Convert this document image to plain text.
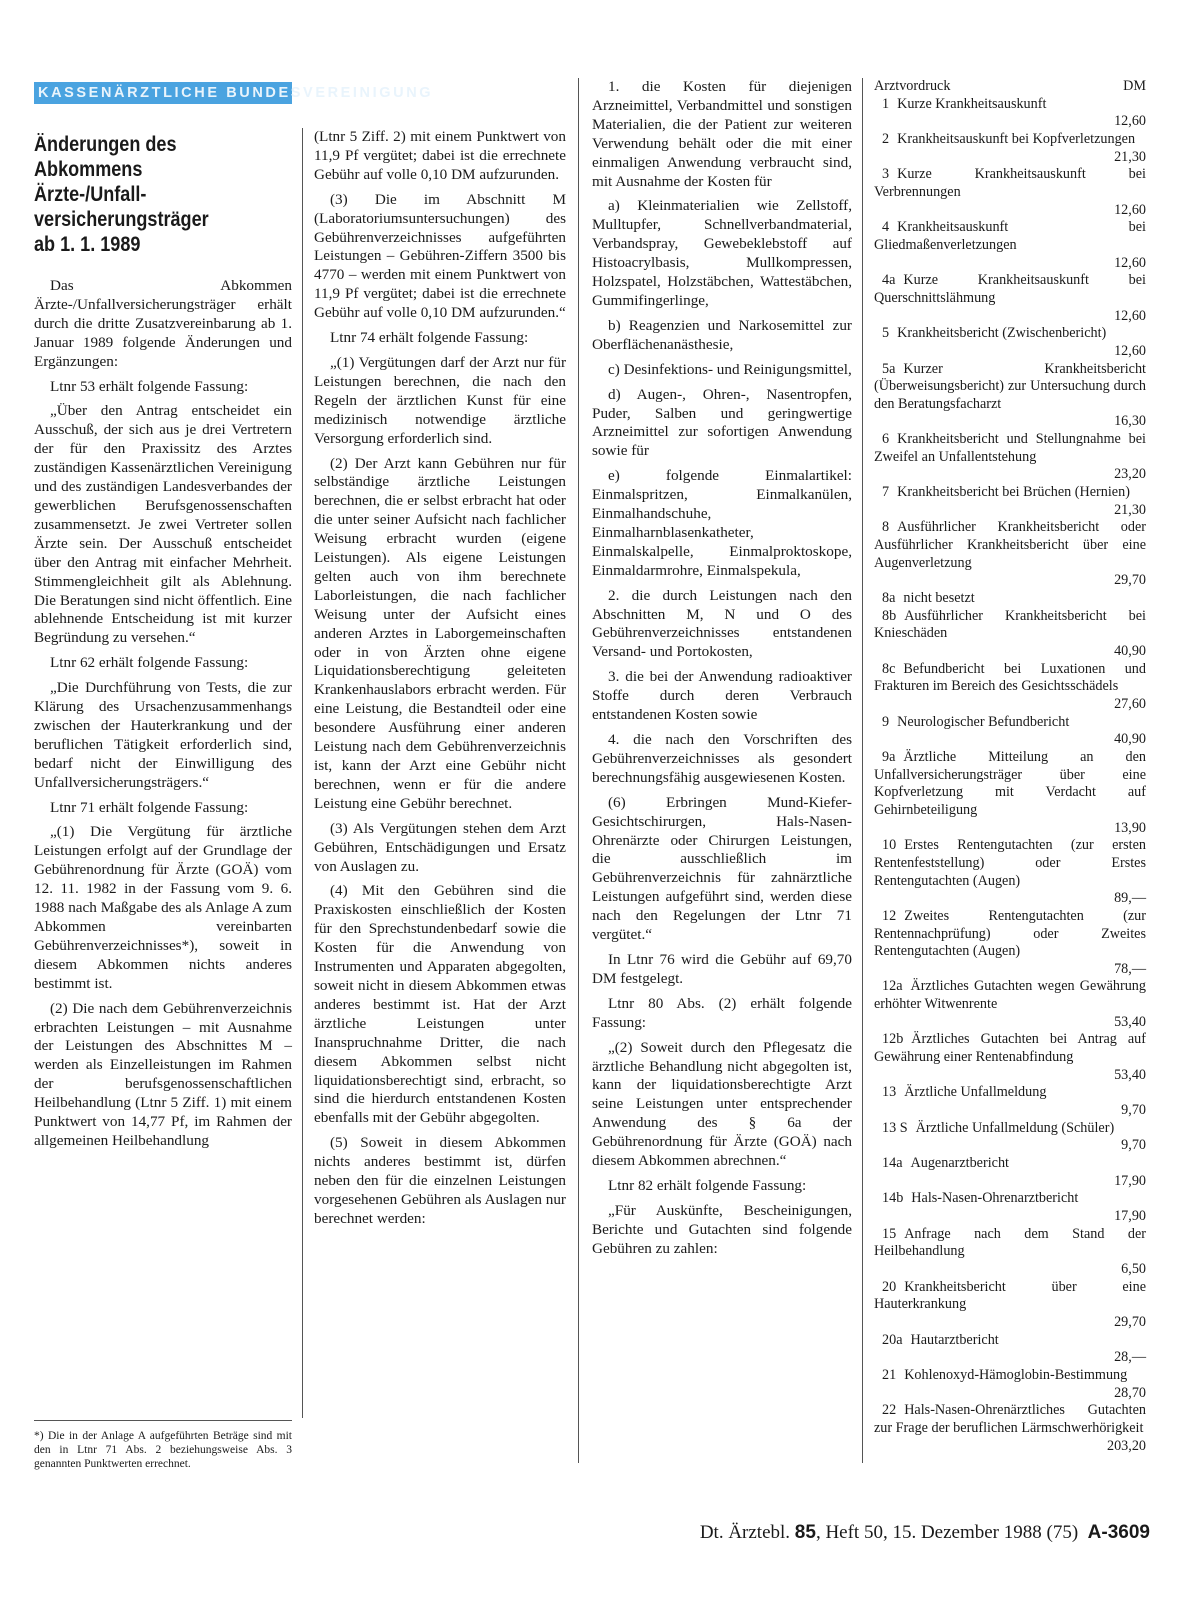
KASSENÄRZTLICHE BUNDESVEREINIGUNG
Änderungen des
Abkommens
Ärzte-/Unfall-
versicherungsträger
ab 1. 1. 1989

Das Abkommen Ärzte-/Unfallversicherungsträger erhält durch die dritte Zusatzvereinbarung ab 1. Januar 1989 folgende Änderungen und Ergänzungen:

Ltnr 53 erhält folgende Fassung:

„Über den Antrag entscheidet ein Ausschuß, der sich aus je drei Vertretern der für den Praxissitz des Arztes zuständigen Kassenärztlichen Vereinigung und des zuständigen Landesverbandes der gewerblichen Berufsgenossenschaften zusammensetzt. Je zwei Vertreter sollen Ärzte sein. Der Ausschuß entscheidet über den Antrag mit einfacher Mehrheit. Stimmengleichheit gilt als Ablehnung. Die Beratungen sind nicht öffentlich. Eine ablehnende Entscheidung ist mit kurzer Begründung zu versehen.“

Ltnr 62 erhält folgende Fassung:

„Die Durchführung von Tests, die zur Klärung des Ursachenzusammenhangs zwischen der Hauterkrankung und der beruflichen Tätigkeit erforderlich sind, bedarf nicht der Einwilligung des Unfallversicherungsträgers.“

Ltnr 71 erhält folgende Fassung:

„(1) Die Vergütung für ärztliche Leistungen erfolgt auf der Grundlage der Gebührenordnung für Ärzte (GOÄ) vom 12. 11. 1982 in der Fassung vom 9. 6. 1988 nach Maßgabe des als Anlage A zum Abkommen vereinbarten Gebührenverzeichnisses*), soweit in diesem Abkommen nichts anderes bestimmt ist.

(2) Die nach dem Gebührenverzeichnis erbrachten Leistungen – mit Ausnahme der Leistungen des Abschnittes M – werden als Einzelleistungen im Rahmen der berufsgenossenschaftlichen Heilbehandlung (Ltnr 5 Ziff. 1) mit einem Punktwert von 14,77 Pf, im Rahmen der allgemeinen Heilbehandlung

*) Die in der Anlage A aufgeführten Beträge sind mit den in Ltnr 71 Abs. 2 beziehungsweise Abs. 3 genannten Punktwerten errechnet.

(Ltnr 5 Ziff. 2) mit einem Punktwert von 11,9 Pf vergütet; dabei ist die errechnete Gebühr auf volle 0,10 DM aufzurunden.

(3) Die im Abschnitt M (Laboratoriumsuntersuchungen) des Gebührenverzeichnisses aufgeführten Leistungen – Gebühren-Ziffern 3500 bis 4770 – werden mit einem Punktwert von 11,9 Pf vergütet; dabei ist die errechnete Gebühr auf volle 0,10 DM aufzurunden.“

Ltnr 74 erhält folgende Fassung:

„(1) Vergütungen darf der Arzt nur für Leistungen berechnen, die nach den Regeln der ärztlichen Kunst für eine medizinisch notwendige ärztliche Versorgung erforderlich sind.

(2) Der Arzt kann Gebühren nur für selbständige ärztliche Leistungen berechnen, die er selbst erbracht hat oder die unter seiner Aufsicht nach fachlicher Weisung erbracht wurden (eigene Leistungen). Als eigene Leistungen gelten auch von ihm berechnete Laborleistungen, die nach fachlicher Weisung unter der Aufsicht eines anderen Arztes in Laborgemeinschaften oder in von Ärzten ohne eigene Liquidationsberechtigung geleiteten Krankenhauslabors erbracht werden. Für eine Leistung, die Bestandteil oder eine besondere Ausführung einer anderen Leistung nach dem Gebührenverzeichnis ist, kann der Arzt eine Gebühr nicht berechnen, wenn er für die andere Leistung eine Gebühr berechnet.

(3) Als Vergütungen stehen dem Arzt Gebühren, Entschädigungen und Ersatz von Auslagen zu.

(4) Mit den Gebühren sind die Praxiskosten einschließlich der Kosten für den Sprechstundenbedarf sowie die Kosten für die Anwendung von Instrumenten und Apparaten abgegolten, soweit nicht in diesem Abkommen etwas anderes bestimmt ist. Hat der Arzt ärztliche Leistungen unter Inanspruchnahme Dritter, die nach diesem Abkommen selbst nicht liquidationsberechtigt sind, erbracht, so sind die hierdurch entstandenen Kosten ebenfalls mit der Gebühr abgegolten.

(5) Soweit in diesem Abkommen nichts anderes bestimmt ist, dürfen neben den für die einzelnen Leistungen vorgesehenen Gebühren als Auslagen nur berechnet werden:

1. die Kosten für diejenigen Arzneimittel, Verbandmittel und sonstigen Materialien, die der Patient zur weiteren Verwendung behält oder die mit einer einmaligen Anwendung verbraucht sind, mit Ausnahme der Kosten für

a) Kleinmaterialien wie Zellstoff, Mulltupfer, Schnellverbandmaterial, Verbandspray, Gewebeklebstoff auf Histoacrylbasis, Mullkompressen, Holzspatel, Holzstäbchen, Wattestäbchen, Gummifingerlinge,

b) Reagenzien und Narkosemittel zur Oberflächenanästhesie,

c) Desinfektions- und Reinigungsmittel,

d) Augen-, Ohren-, Nasentropfen, Puder, Salben und geringwertige Arzneimittel zur sofortigen Anwendung sowie für

e) folgende Einmalartikel: Einmalspritzen, Einmalkanülen, Einmalhandschuhe, Einmalharnblasenkatheter, Einmalskalpelle, Einmalproktoskope, Einmaldarmrohre, Einmalspekula,

2. die durch Leistungen nach den Abschnitten M, N und O des Gebührenverzeichnisses entstandenen Versand- und Portokosten,

3. die bei der Anwendung radioaktiver Stoffe durch deren Verbrauch entstandenen Kosten sowie

4. die nach den Vorschriften des Gebührenverzeichnisses als gesondert berechnungsfähig ausgewiesenen Kosten.

(6) Erbringen Mund-Kiefer-Gesichtschirurgen, Hals-Nasen-Ohrenärzte oder Chirurgen Leistungen, die ausschließlich im Gebührenverzeichnis für zahnärztliche Leistungen aufgeführt sind, werden diese nach den Regelungen der Ltnr 71 vergütet.“

In Ltnr 76 wird die Gebühr auf 69,70 DM festgelegt.

Ltnr 80 Abs. (2) erhält folgende Fassung:

„(2) Soweit durch den Pflegesatz die ärztliche Behandlung nicht abgegolten ist, kann der liquidationsberechtigte Arzt seine Leistungen unter entsprechender Anwendung des § 6a der Gebührenordnung für Ärzte (GOÄ) nach diesem Abkommen abrechnen.“

Ltnr 82 erhält folgende Fassung:

„Für Auskünfte, Bescheinigungen, Berichte und Gutachten sind folgende Gebühren zu zahlen:

Arztvordruck	DM

1 Kurze Krankheitsauskunft
12,60

2 Krankheitsauskunft bei Kopfverletzungen
21,30

3 Kurze Krankheitsauskunft bei Verbrennungen
12,60

4 Krankheitsauskunft bei Gliedmaßenverletzungen
12,60

4a Kurze Krankheitsauskunft bei Querschnittslähmung
12,60

5 Krankheitsbericht (Zwischenbericht)
12,60

5a Kurzer Krankheitsbericht (Überweisungsbericht) zur Untersuchung durch den Beratungsfacharzt
16,30

6 Krankheitsbericht und Stellungnahme bei Zweifel an Unfallentstehung
23,20

7 Krankheitsbericht bei Brüchen (Hernien)
21,30

8 Ausführlicher Krankheitsbericht oder Ausführlicher Krankheitsbericht über eine Augenverletzung
29,70

8a nicht besetzt

8b Ausführlicher Krankheitsbericht bei Knieschäden
40,90

8c Befundbericht bei Luxationen und Frakturen im Bereich des Gesichtsschädels
27,60

9 Neurologischer Befundbericht
40,90

9a Ärztliche Mitteilung an den Unfallversicherungsträger über eine Kopfverletzung mit Verdacht auf Gehirnbeteiligung
13,90

10 Erstes Rentengutachten (zur ersten Rentenfeststellung) oder Erstes Rentengutachten (Augen)
89,—

12 Zweites Rentengutachten (zur Rentennachprüfung) oder Zweites Rentengutachten (Augen)
78,—

12a Ärztliches Gutachten wegen Gewährung erhöhter Witwenrente
53,40

12b Ärztliches Gutachten bei Antrag auf Gewährung einer Rentenabfindung
53,40

13 Ärztliche Unfallmeldung
9,70

13 S Ärztliche Unfallmeldung (Schüler)
9,70

14a Augenarztbericht
17,90

14b Hals-Nasen-Ohrenarztbericht
17,90

15 Anfrage nach dem Stand der Heilbehandlung
6,50

20 Krankheitsbericht über eine Hauterkrankung
29,70

20a Hautarztbericht
28,—

21 Kohlenoxyd-Hämoglobin-Bestimmung
28,70

22 Hals-Nasen-Ohrenärztliches Gutachten zur Frage der beruflichen Lärmschwerhörigkeit
203,20

Dt. Ärztebl. 85, Heft 50, 15. Dezember 1988 (75) A-3609
